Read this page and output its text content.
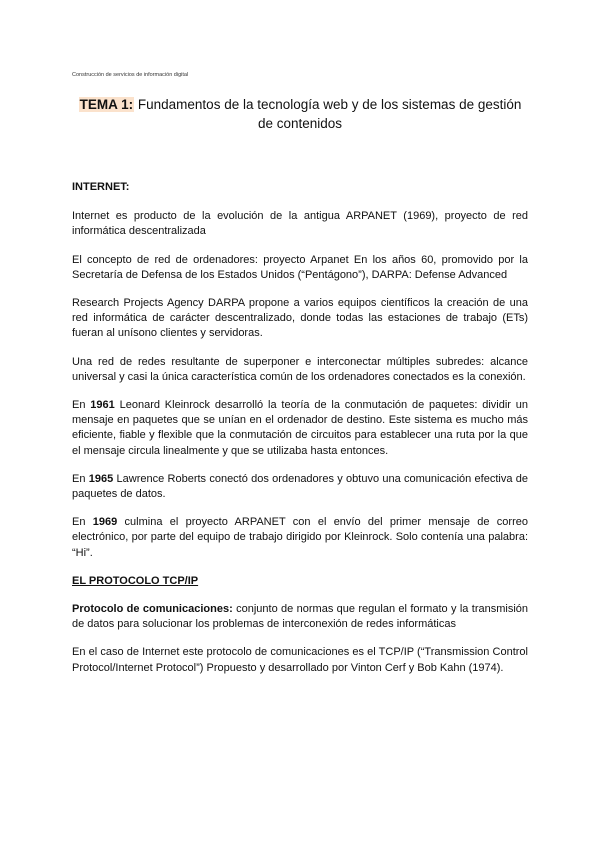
Construcción de servicios de información digital
TEMA 1: Fundamentos de la tecnología web y de los sistemas de gestión de contenidos

INTERNET:

Internet es producto de la evolución de la antigua ARPANET (1969), proyecto de red informática descentralizada

El concepto de red de ordenadores: proyecto Arpanet En los años 60, promovido por la Secretaría de Defensa de los Estados Unidos (“Pentágono”), DARPA: Defense Advanced

Research Projects Agency DARPA propone a varios equipos científicos la creación de una red informática de carácter descentralizado, donde todas las estaciones de trabajo (ETs) fueran al unísono clientes y servidoras.

Una red de redes resultante de superponer e interconectar múltiples subredes: alcance universal y casi la única característica común de los ordenadores conectados es la conexión.

En 1961 Leonard Kleinrock desarrolló la teoría de la conmutación de paquetes: dividir un mensaje en paquetes que se unían en el ordenador de destino. Este sistema es mucho más eficiente, fiable y flexible que la conmutación de circuitos para establecer una ruta por la que el mensaje circula linealmente y que se utilizaba hasta entonces.

En 1965 Lawrence Roberts conectó dos ordenadores y obtuvo una comunicación efectiva de paquetes de datos.

En 1969 culmina el proyecto ARPANET con el envío del primer mensaje de correo electrónico, por parte del equipo de trabajo dirigido por Kleinrock. Solo contenía una palabra: “Hi”.

EL PROTOCOLO TCP/IP

Protocolo de comunicaciones: conjunto de normas que regulan el formato y la transmisión de datos para solucionar los problemas de interconexión de redes informáticas

En el caso de Internet este protocolo de comunicaciones es el TCP/IP (“Transmission Control Protocol/Internet Protocol”) Propuesto y desarrollado por Vinton Cerf y Bob Kahn (1974).
